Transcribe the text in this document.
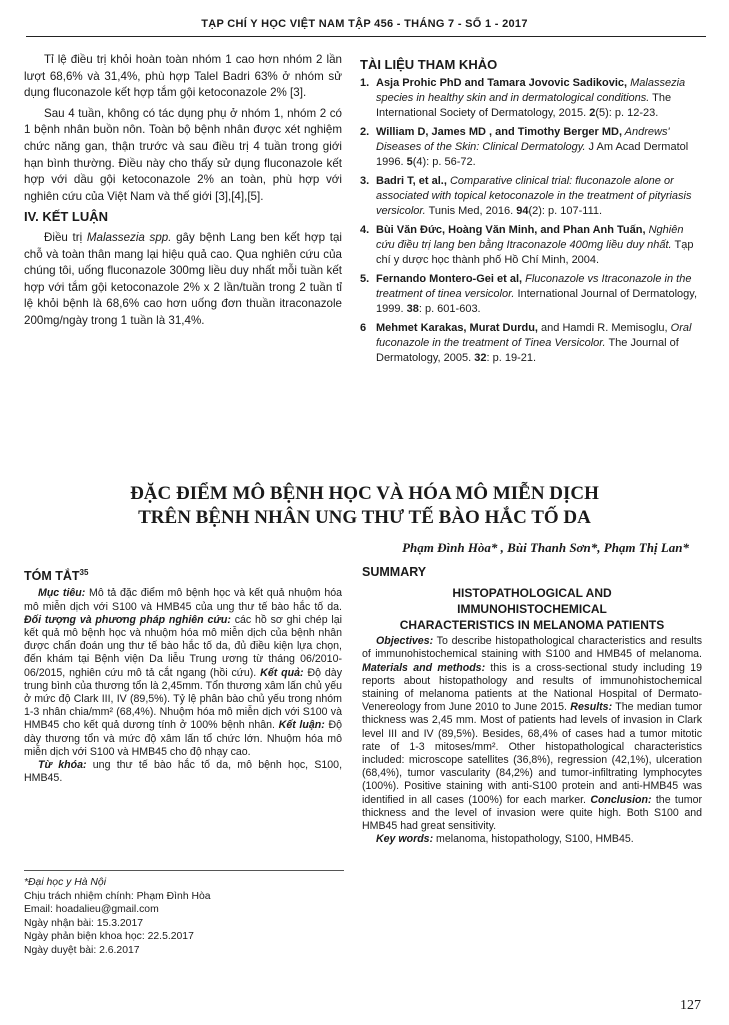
TẠP CHÍ Y HỌC VIỆT NAM TẬP 456 - THÁNG 7 - SỐ 1 - 2017

Tỉ lệ điều trị khỏi hoàn toàn nhóm 1 cao hơn nhóm 2 lần lượt 68,6% và 31,4%, phù hợp Talel Badri 63% ở nhóm sử dụng fluconazole kết hợp tắm gội ketoconazole 2% [3].

Sau 4 tuần, không có tác dụng phụ ở nhóm 1, nhóm 2 có 1 bệnh nhân buồn nôn. Toàn bộ bệnh nhân được xét nghiệm chức năng gan, thận trước và sau điều trị 4 tuần trong giới hạn bình thường. Điều này cho thấy sử dụng fluconazole kết hợp với dầu gội ketoconazole 2% an toàn, phù hợp với nghiên cứu của Việt Nam và thế giới [3],[4],[5].

IV. KẾT LUẬN

Điều trị Malassezia spp. gây bệnh Lang ben kết hợp tại chỗ và toàn thân mang lại hiệu quả cao. Qua nghiên cứu của chúng tôi, uống fluconazole 300mg liều duy nhất mỗi tuần kết hợp với tắm gội ketoconazole 2% x 2 lần/tuần trong 2 tuần tỉ lệ khỏi bệnh là 68,6% cao hơn uống đơn thuần itraconazole 200mg/ngày trong 1 tuần là 31,4%.

TÀI LIỆU THAM KHẢO
1. Asja Prohic PhD and Tamara Jovovic Sadikovic, Malassezia species in healthy skin and in dermatological conditions. The International Society of Dermatology, 2015. 2(5): p. 12-23.
2. William D, James MD , and Timothy Berger MD, Andrews' Diseases of the Skin: Clinical Dermatology. J Am Acad Dermatol 1996. 5(4): p. 56-72.
3. Badri T, et al., Comparative clinical trial: fluconazole alone or associated with topical ketoconazole in the treatment of pityriasis versicolor. Tunis Med, 2016. 94(2): p. 107-111.
4. Bùi Văn Đức, Hoàng Văn Minh, and Phan Anh Tuấn, Nghiên cứu điều trị lang ben bằng Itraconazole 400mg liều duy nhất. Tạp chí y dược học thành phố Hồ Chí Minh, 2004.
5. Fernando Montero-Gei et al, Fluconazole vs Itraconazole in the treatment of tinea versicolor. International Journal of Dermatology, 1999. 38: p. 601-603.
6 Mehmet Karakas, Murat Durdu, and Hamdi R. Memisoglu, Oral fuconazole in the treatment of Tinea Versicolor. The Journal of Dermatology, 2005. 32: p. 19-21.
ĐẶC ĐIỂM MÔ BỆNH HỌC VÀ HÓA MÔ MIỄN DỊCH
TRÊN BỆNH NHÂN UNG THƯ TẾ BÀO HẮC TỐ DA
Phạm Đình Hòa* , Bùi Thanh Sơn*, Phạm Thị Lan*
TÓM TẮT$^{35}$

Mục tiêu: Mô tả đặc điểm mô bệnh học và kết quả nhuộm hóa mô miễn dịch với S100 và HMB45 của ung thư tế bào hắc tố da. Đối tượng và phương pháp nghiên cứu: các hồ sơ ghi chép lại kết quả mô bệnh học và nhuộm hóa mô miễn dịch của bệnh nhân được chẩn đoán ung thư tế bào hắc tố da, đủ điều kiện lựa chọn, đến khám tại Bệnh viện Da liễu Trung ương từ tháng 06/2010-06/2015, nghiên cứu mô tả cắt ngang (hồi cứu). Kết quả: Độ dày trung bình của thương tổn là 2,45mm. Tổn thương xâm lấn chủ yếu ở mức độ Clark III, IV (89,5%). Tỷ lệ phân bào chủ yếu trong nhóm 1-3 nhân chia/mm² (68,4%). Nhuộm hóa mô miễn dịch với S100 và HMB45 cho kết quả dương tính ở 100% bệnh nhân. Kết luận: Độ dày thương tổn và mức độ xâm lấn tổ chức lớn. Nhuộm hóa mô miễn dịch với S100 và HMB45 cho độ nhạy cao.

Từ khóa: ung thư tế bào hắc tố da, mô bệnh học, S100, HMB45.

*Đại học y Hà Nội
Chịu trách nhiệm chính: Phạm Đình Hòa
Email: hoadalieu@gmail.com
Ngày nhận bài: 15.3.2017
Ngày phản biện khoa học: 22.5.2017
Ngày duyệt bài: 2.6.2017
SUMMARY
HISTOPATHOLOGICAL AND
IMMUNOHISTOCHEMICAL
CHARACTERISTICS IN MELANOMA PATIENTS

Objectives: To describe histopathological characteristics and results of immunohistochemical staining with S100 and HMB45 of melanoma. Materials and methods: this is a cross-sectional study including 19 reports about histopathology and results of immunohistochemical staining of melanoma patients at the National Hospital of Dermato-Venereology from June 2010 to June 2015. Results: The median tumor thickness was 2,45 mm. Most of patients had levels of invasion in Clark level III and IV (89,5%). Besides, 68,4% of cases had a tumor mitotic rate of 1-3 mitoses/mm². Other histopathological characteristics included: microscope satellites (36,8%), regression (42,1%), ulceration (68,4%), tumor vascularity (84,2%) and tumor-infiltrating lymphocytes (100%). Positive staining with anti-S100 protein and anti-HMB45 was identified in all cases (100%) for each marker. Conclusion: the tumor thickness and the level of invasion were quite high. Both S100 and HMB45 had great sensitivity.

Key words: melanoma, histopathology, S100, HMB45.

127
